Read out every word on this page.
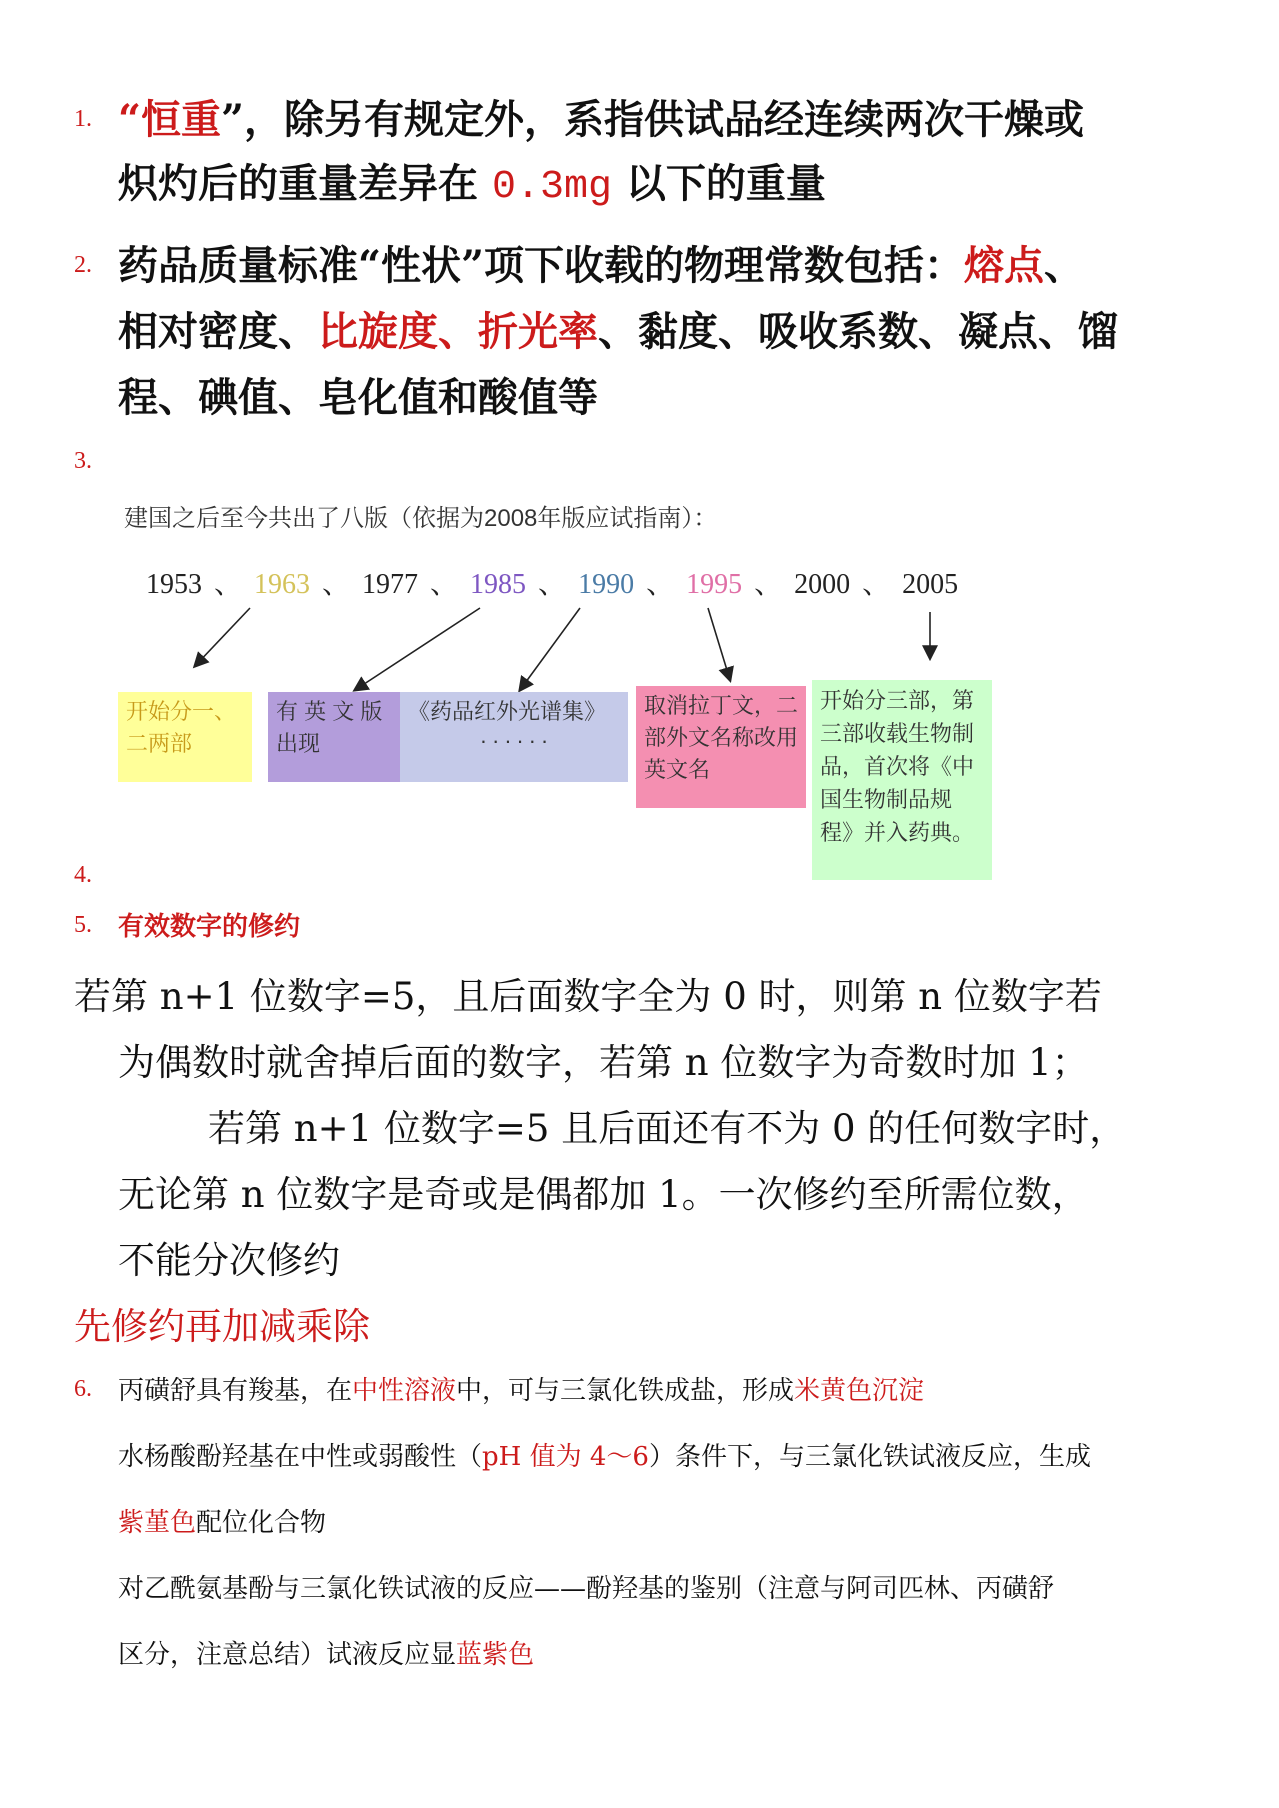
1. “恒重”，除另有规定外，系指供试品经连续两次干燥或
炽灼后的重量差异在 0.3mg 以下的重量
2. 药品质量标准“性状”项下收载的物理常数包括：熔点、
相对密度、比旋度、折光率、黏度、吸收系数、凝点、馏
程、碘值、皂化值和酸值等
3.
建国之后至今共出了八版（依据为2008年版应试指南）：
1953 、 1963 、 1977 、 1985 、 1990 、 1995 、 2000 、 2005
开始分一、二两部
有 英 文 版出现
《药品红外光谱集》
. . . . . .
取消拉丁文，二部外文名称改用英文名
开始分三部，第三部收载生物制品，首次将《中国生物制品规程》并入药典。
4.
5. 有效数字的修约
若第 n+1 位数字=5，且后面数字全为 0 时，则第 n 位数字若
为偶数时就舍掉后面的数字，若第 n 位数字为奇数时加 1；
若第 n+1 位数字=5 且后面还有不为 0 的任何数字时，
无论第 n 位数字是奇或是偶都加 1。一次修约至所需位数，
不能分次修约
先修约再加减乘除
6. 丙磺舒具有羧基，在中性溶液中，可与三氯化铁成盐，形成米黄色沉淀
水杨酸酚羟基在中性或弱酸性（pH 值为 4～6）条件下，与三氯化铁试液反应，生成
紫堇色配位化合物
对乙酰氨基酚与三氯化铁试液的反应——酚羟基的鉴别（注意与阿司匹林、丙磺舒
区分，注意总结）试液反应显蓝紫色
